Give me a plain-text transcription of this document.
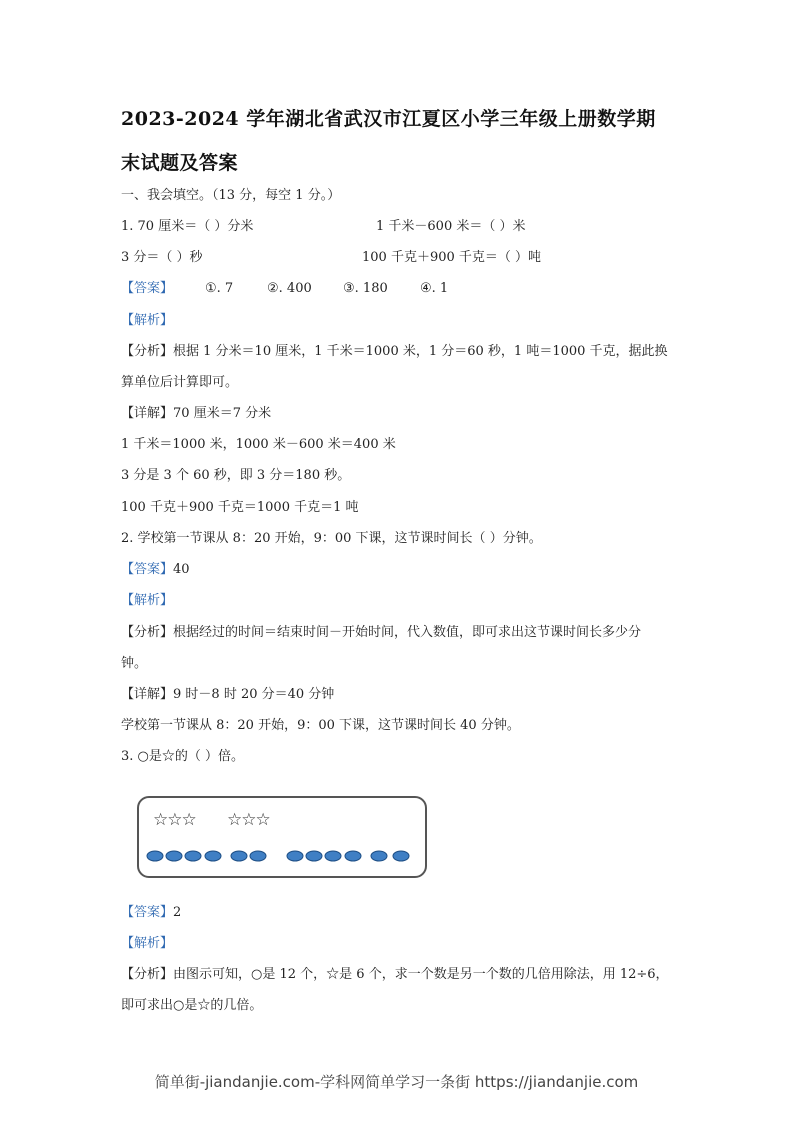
2023-2024 学年湖北省武汉市江夏区小学三年级上册数学期
末试题及答案
一、我会填空。（13 分，每空 1 分。）
1. 70 厘米＝（ ）分米	1 千米－600 米＝（ ）米
3 分＝（ ）秒	100 千克＋900 千克＝（ ）吨
【答案】 ①. 7	②. 400 ③. 180 ④. 1
【解析】
【分析】根据 1 分米＝10 厘米，1 千米＝1000 米，1 分＝60 秒，1 吨＝1000 千克，据此换
算单位后计算即可。
【详解】70 厘米＝7 分米
1 千米＝1000 米，1000 米－600 米＝400 米
3 分是 3 个 60 秒，即 3 分＝180 秒。
100 千克＋900 千克＝1000 千克＝1 吨
2. 学校第一节课从 8：20 开始，9：00 下课，这节课时间长（ ）分钟。
【答案】40
【解析】
【分析】根据经过的时间＝结束时间－开始时间，代入数值，即可求出这节课时间长多少分
钟。
【详解】9 时－8 时 20 分＝40 分钟
学校第一节课从 8：20 开始，9：00 下课，这节课时间长 40 分钟。
3. ○是☆的（ ）倍。
☆☆☆ ☆☆☆
【答案】2
【解析】
【分析】由图示可知，○是 12 个，☆是 6 个，求一个数是另一个数的几倍用除法，用 12÷6，
即可求出○是☆的几倍。
简单街-jiandanjie.com-学科网简单学习一条街 https://jiandanjie.com
